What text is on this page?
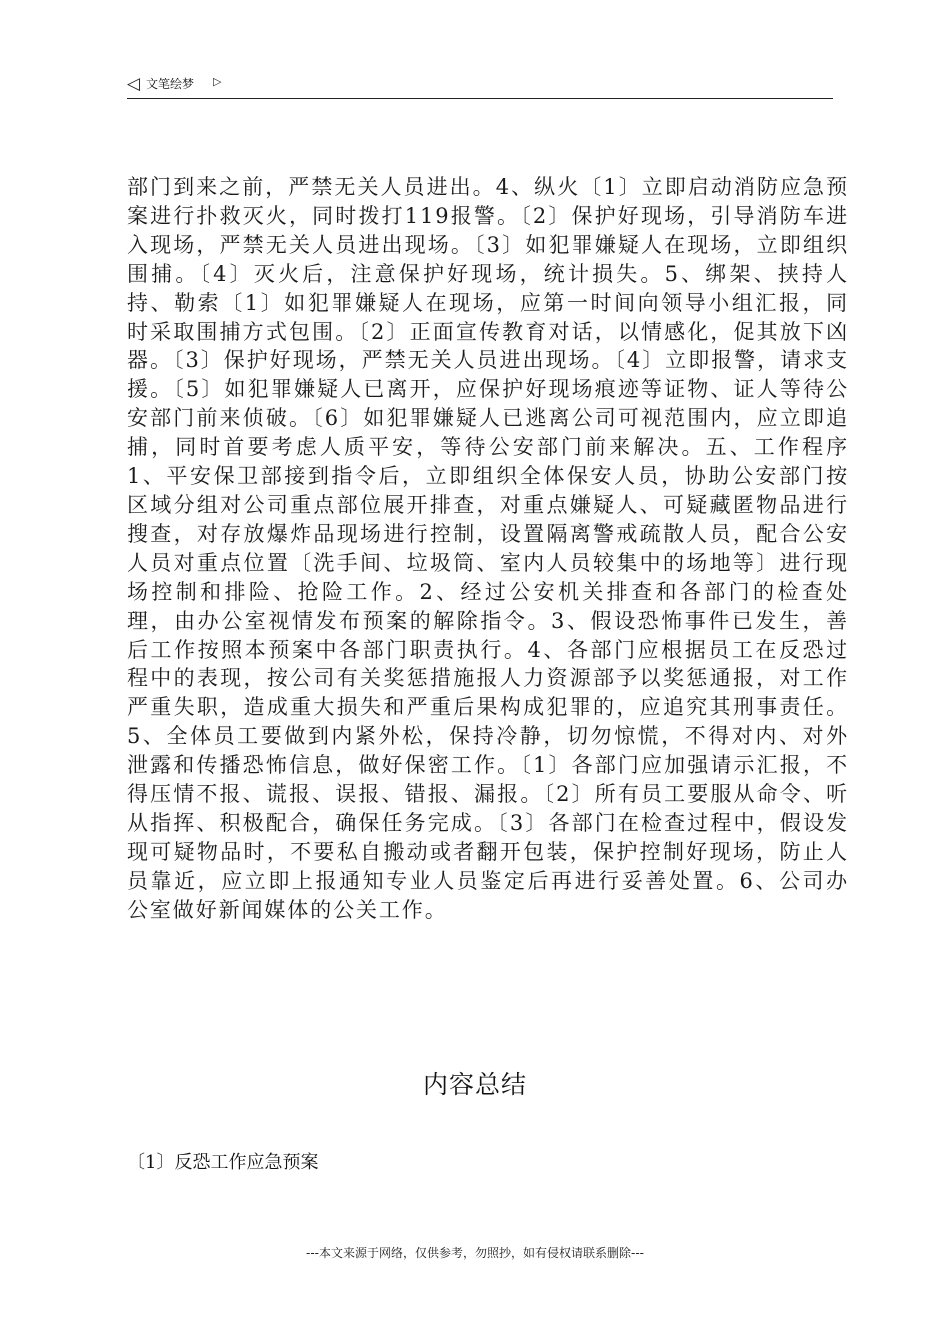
◁ 文笔绘梦 ▷
部门到来之前，严禁无关人员进出。4、纵火〔1〕立即启动消防应急预案进行扑救灭火，同时拨打119报警。〔2〕保护好现场，引导消防车进入现场，严禁无关人员进出现场。〔3〕如犯罪嫌疑人在现场，立即组织围捕。〔4〕灭火后，注意保护好现场，统计损失。5、绑架、挟持人持、勒索〔1〕如犯罪嫌疑人在现场，应第一时间向领导小组汇报，同时采取围捕方式包围。〔2〕正面宣传教育对话，以情感化，促其放下凶器。〔3〕保护好现场，严禁无关人员进出现场。〔4〕立即报警，请求支援。〔5〕如犯罪嫌疑人已离开，应保护好现场痕迹等证物、证人等待公安部门前来侦破。〔6〕如犯罪嫌疑人已逃离公司可视范围内，应立即追捕，同时首要考虑人质平安，等待公安部门前来解决。五、工作程序1、平安保卫部接到指令后，立即组织全体保安人员，协助公安部门按区域分组对公司重点部位展开排查，对重点嫌疑人、可疑藏匿物品进行搜查，对存放爆炸品现场进行控制，设置隔离警戒疏散人员，配合公安人员对重点位置〔洗手间、垃圾筒、室内人员较集中的场地等〕进行现场控制和排险、抢险工作。2、经过公安机关排查和各部门的检查处理，由办公室视情发布预案的解除指令。3、假设恐怖事件已发生，善后工作按照本预案中各部门职责执行。4、各部门应根据员工在反恐过程中的表现，按公司有关奖惩措施报人力资源部予以奖惩通报，对工作严重失职，造成重大损失和严重后果构成犯罪的，应追究其刑事责任。5、全体员工要做到内紧外松，保持冷静，切勿惊慌，不得对内、对外泄露和传播恐怖信息，做好保密工作。〔1〕各部门应加强请示汇报，不得压情不报、谎报、误报、错报、漏报。〔2〕所有员工要服从命令、听从指挥、积极配合，确保任务完成。〔3〕各部门在检查过程中，假设发现可疑物品时，不要私自搬动或者翻开包装，保护控制好现场，防止人员靠近，应立即上报通知专业人员鉴定后再进行妥善处置。6、公司办公室做好新闻媒体的公关工作。
内容总结
〔1〕反恐工作应急预案
---本文来源于网络，仅供参考，勿照抄，如有侵权请联系删除---
